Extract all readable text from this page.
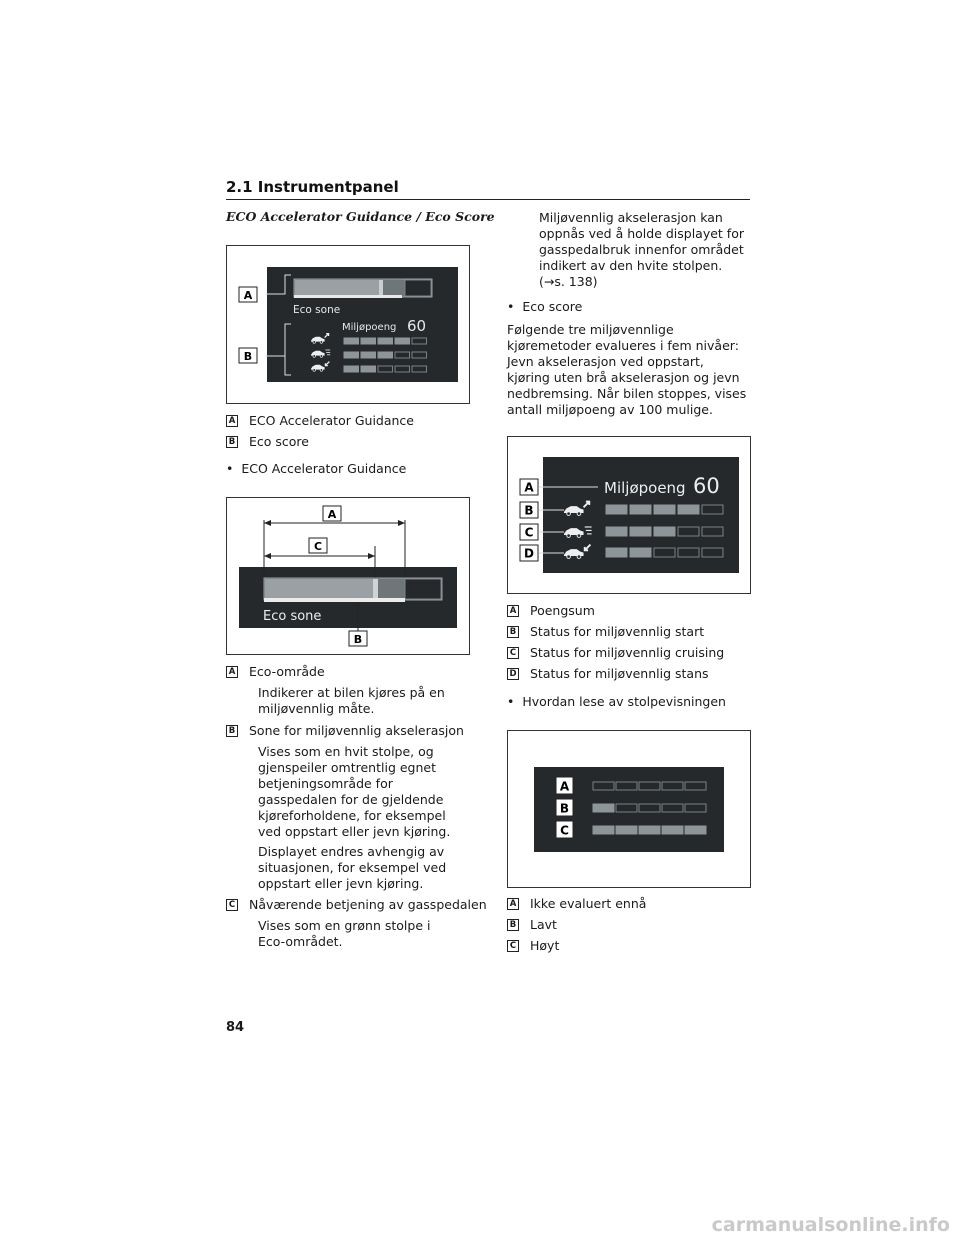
2.1 Instrumentpanel
ECO Accelerator Guidance / Eco Score
Eco sone
Miljøpoeng 60
A
B
A ECO Accelerator Guidance
B Eco score
•  ECO Accelerator Guidance
A
C
Eco sone
B
A Eco-område
Indikerer at bilen kjøres på en miljøvennlig måte.
B Sone for miljøvennlig akselerasjon
Vises som en hvit stolpe, og gjenspeiler omtrentlig egnet betjeningsområde for gasspedalen for de gjeldende kjøreforholdene, for eksempel ved oppstart eller jevn kjøring.
Displayet endres avhengig av situasjonen, for eksempel ved oppstart eller jevn kjøring.
C Nåværende betjening av gasspedalen
Vises som en grønn stolpe i Eco-området.
Miljøvennlig akselerasjon kan oppnås ved å holde displayet for gasspedalbruk innenfor området indikert av den hvite stolpen. (→s. 138)
•  Eco score
Følgende tre miljøvennlige kjøremetoder evalueres i fem nivåer: Jevn akselerasjon ved oppstart, kjøring uten brå akselerasjon og jevn nedbremsing. Når bilen stoppes, vises antall miljøpoeng av 100 mulige.
Miljøpoeng 60
A
B
C
D
A Poengsum
B Status for miljøvennlig start
C Status for miljøvennlig cruising
D Status for miljøvennlig stans
•  Hvordan lese av stolpevisningen
A
B
C
A Ikke evaluert ennå
B Lavt
C Høyt
84
carmanualsonline.info
